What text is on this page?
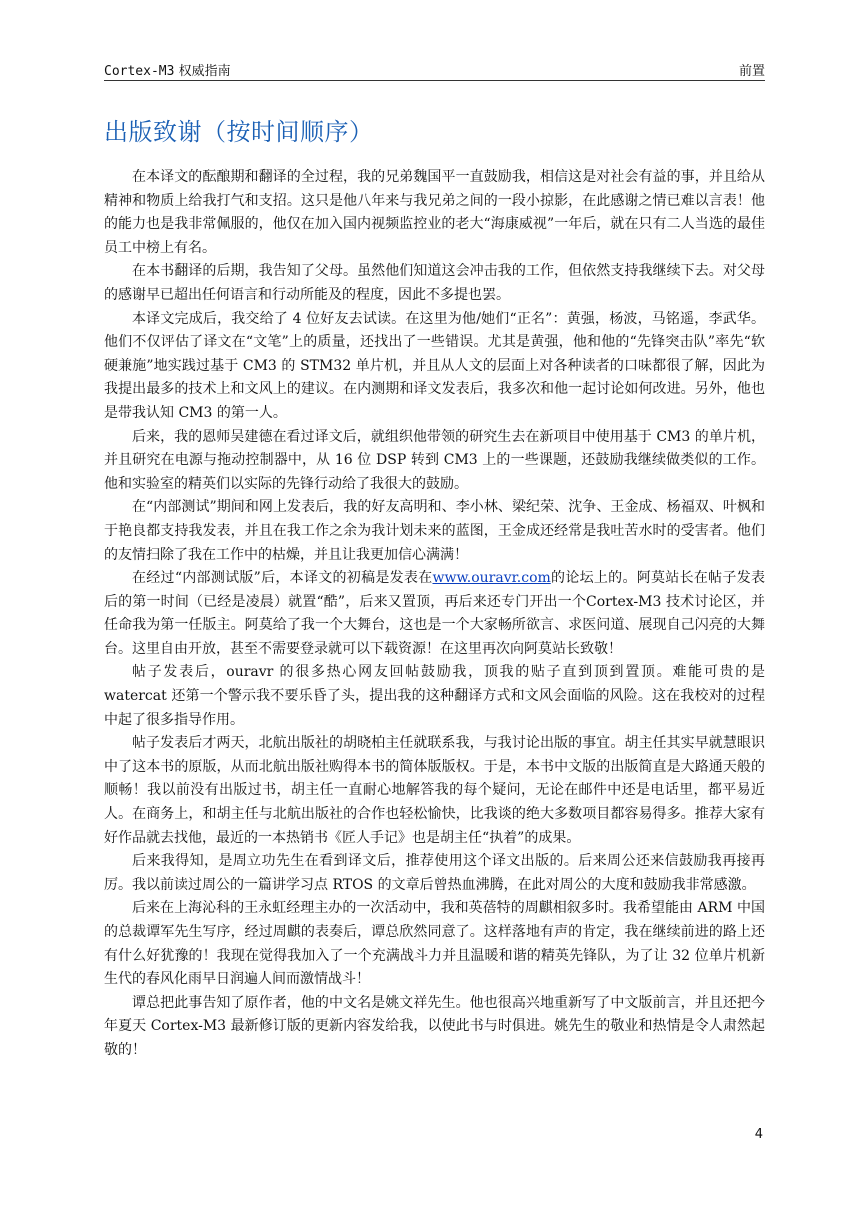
Cortex-M3 权威指南	前置
出版致谢（按时间顺序）

在本译文的酝酿期和翻译的全过程，我的兄弟魏国平一直鼓励我，相信这是对社会有益的事，并且给从精神和物质上给我打气和支招。这只是他八年来与我兄弟之间的一段小掠影，在此感谢之情已难以言表！他的能力也是我非常佩服的，他仅在加入国内视频监控业的老大“海康威视”一年后，就在只有二人当选的最佳员工中榜上有名。

在本书翻译的后期，我告知了父母。虽然他们知道这会冲击我的工作，但依然支持我继续下去。对父母的感谢早已超出任何语言和行动所能及的程度，因此不多提也罢。

本译文完成后，我交给了 4 位好友去试读。在这里为他/她们“正名”：黄强，杨波，马铭遥，李武华。他们不仅评估了译文在“文笔”上的质量，还找出了一些错误。尤其是黄强，他和他的“先锋突击队”率先“软硬兼施”地实践过基于 CM3 的 STM32 单片机，并且从人文的层面上对各种读者的口味都很了解，因此为我提出最多的技术上和文风上的建议。在内测期和译文发表后，我多次和他一起讨论如何改进。另外，他也是带我认知 CM3 的第一人。

后来，我的恩师吴建德在看过译文后，就组织他带领的研究生去在新项目中使用基于 CM3 的单片机，并且研究在电源与拖动控制器中，从 16 位 DSP 转到 CM3 上的一些课题，还鼓励我继续做类似的工作。他和实验室的精英们以实际的先锋行动给了我很大的鼓励。

在“内部测试”期间和网上发表后，我的好友高明和、李小林、梁纪荣、沈争、王金成、杨福双、叶枫和于艳良都支持我发表，并且在我工作之余为我计划未来的蓝图，王金成还经常是我吐苦水时的受害者。他们的友情扫除了我在工作中的枯燥，并且让我更加信心满满！

在经过“内部测试版”后，本译文的初稿是发表在www.ouravr.com的论坛上的。阿莫站长在帖子发表后的第一时间（已经是凌晨）就置“酷”，后来又置顶，再后来还专门开出一个Cortex-M3 技术讨论区，并任命我为第一任版主。阿莫给了我一个大舞台，这也是一个大家畅所欲言、求医问道、展现自己闪亮的大舞台。这里自由开放，甚至不需要登录就可以下载资源！在这里再次向阿莫站长致敬！

帖子发表后，ouravr 的很多热心网友回帖鼓励我，顶我的贴子直到顶到置顶。难能可贵的是 watercat 还第一个警示我不要乐昏了头，提出我的这种翻译方式和文风会面临的风险。这在我校对的过程中起了很多指导作用。

帖子发表后才两天，北航出版社的胡晓柏主任就联系我，与我讨论出版的事宜。胡主任其实早就慧眼识中了这本书的原版，从而北航出版社购得本书的简体版版权。于是，本书中文版的出版简直是大路通天般的顺畅！我以前没有出版过书，胡主任一直耐心地解答我的每个疑问，无论在邮件中还是电话里，都平易近人。在商务上，和胡主任与北航出版社的合作也轻松愉快，比我谈的绝大多数项目都容易得多。推荐大家有好作品就去找他，最近的一本热销书《匠人手记》也是胡主任“执着”的成果。

后来我得知，是周立功先生在看到译文后，推荐使用这个译文出版的。后来周公还来信鼓励我再接再厉。我以前读过周公的一篇讲学习点 RTOS 的文章后曾热血沸腾，在此对周公的大度和鼓励我非常感激。

后来在上海沁科的王永虹经理主办的一次活动中，我和英蓓特的周麒相叙多时。我希望能由 ARM 中国的总裁谭军先生写序，经过周麒的表奏后，谭总欣然同意了。这样落地有声的肯定，我在继续前进的路上还有什么好犹豫的！我现在觉得我加入了一个充满战斗力并且温暖和谐的精英先锋队，为了让 32 位单片机新生代的春风化雨早日润遍人间而激情战斗！

谭总把此事告知了原作者，他的中文名是姚文祥先生。他也很高兴地重新写了中文版前言，并且还把今年夏天 Cortex-M3 最新修订版的更新内容发给我，以使此书与时俱进。姚先生的敬业和热情是令人肃然起敬的！

4
